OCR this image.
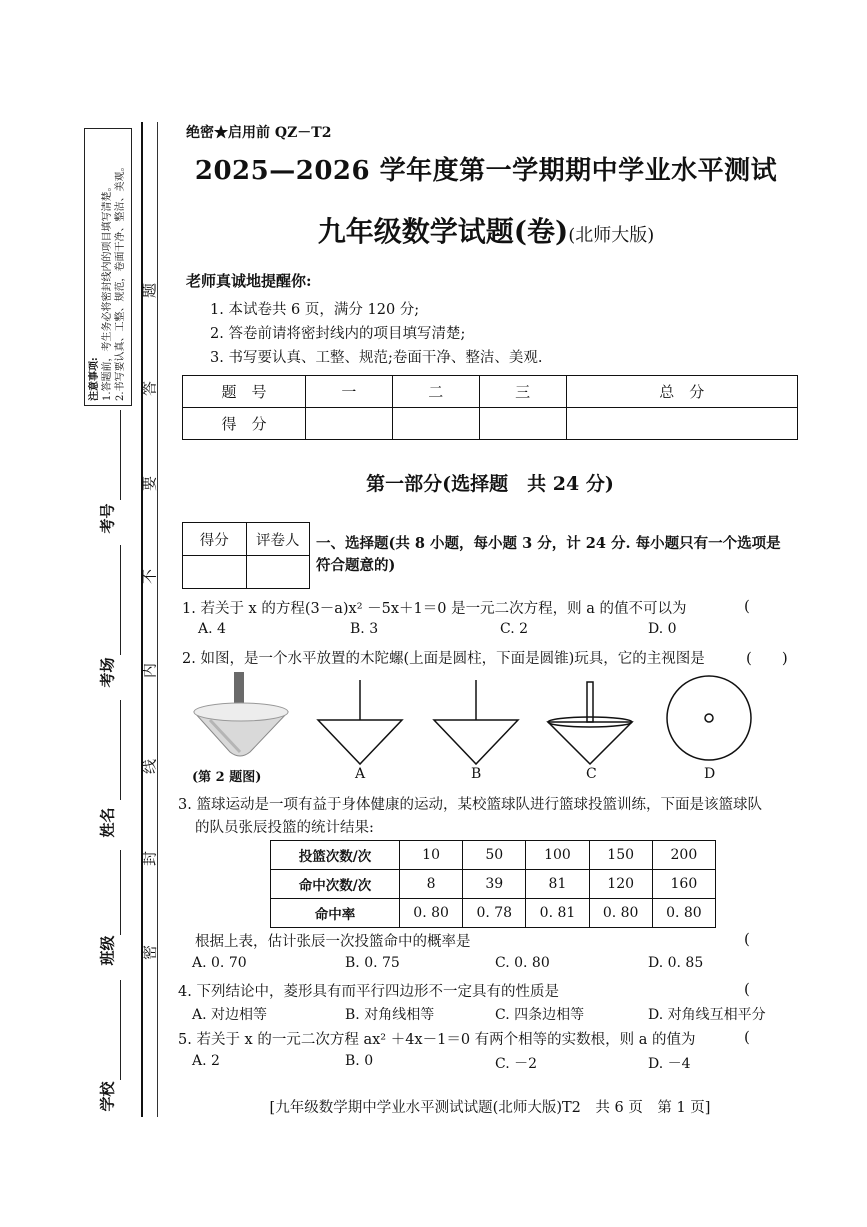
注意事项: 1.答题前，考生务必将密封线内的项目填写清楚。 2.书写要认真、工整、规范，卷面干净、整洁、美观。 题
答
要
不
内
线
封
密
考号
考场
姓名
班级
学校
绝密★启用前 QZ－T2
2025—2026 学年度第一学期期中学业水平测试
九年级数学试题(卷)(北师大版)
老师真诚地提醒你:
1. 本试卷共 6 页，满分 120 分;
2. 答卷前请将密封线内的项目填写清楚;
3. 书写要认真、工整、规范;卷面干净、整洁、美观.
题　号	一	二	三	总　分
得　分				
第一部分(选择题　共 24 分)
得分	评卷人
	一、选择题(共 8 小题，每小题 3 分，计 24 分. 每小题只有一个选项是符合题意的)
1. 若关于 x 的方程(3－a)x² －5x＋1＝0 是一元二次方程，则 a 的值不可以为	(
A. 4	B. 3	C. 2	D. 0
2. 如图，是一个水平放置的木陀螺(上面是圆柱，下面是圆锥)玩具，它的主视图是	(　　)
(第 2 题图)	A	B	C	D
3. 篮球运动是一项有益于身体健康的运动，某校篮球队进行篮球投篮训练，下面是该篮球队
的队员张辰投篮的统计结果:
投篮次数/次	10	50	100	150	200
命中次数/次	8	39	81	120	160
命中率	0. 80	0. 78	0. 81	0. 80	0. 80
根据上表，估计张辰一次投篮命中的概率是	(
A. 0. 70	B. 0. 75	C. 0. 80	D. 0. 85
4. 下列结论中，菱形具有而平行四边形不一定具有的性质是	(
A. 对边相等	B. 对角线相等	C. 四条边相等	D. 对角线互相平分
5. 若关于 x 的一元二次方程 ax² ＋4x－1＝0 有两个相等的实数根，则 a 的值为	(
A. 2	B. 0	C. －2	D. －4
[九年级数学期中学业水平测试试题(北师大版)T2　共 6 页　第 1 页]
